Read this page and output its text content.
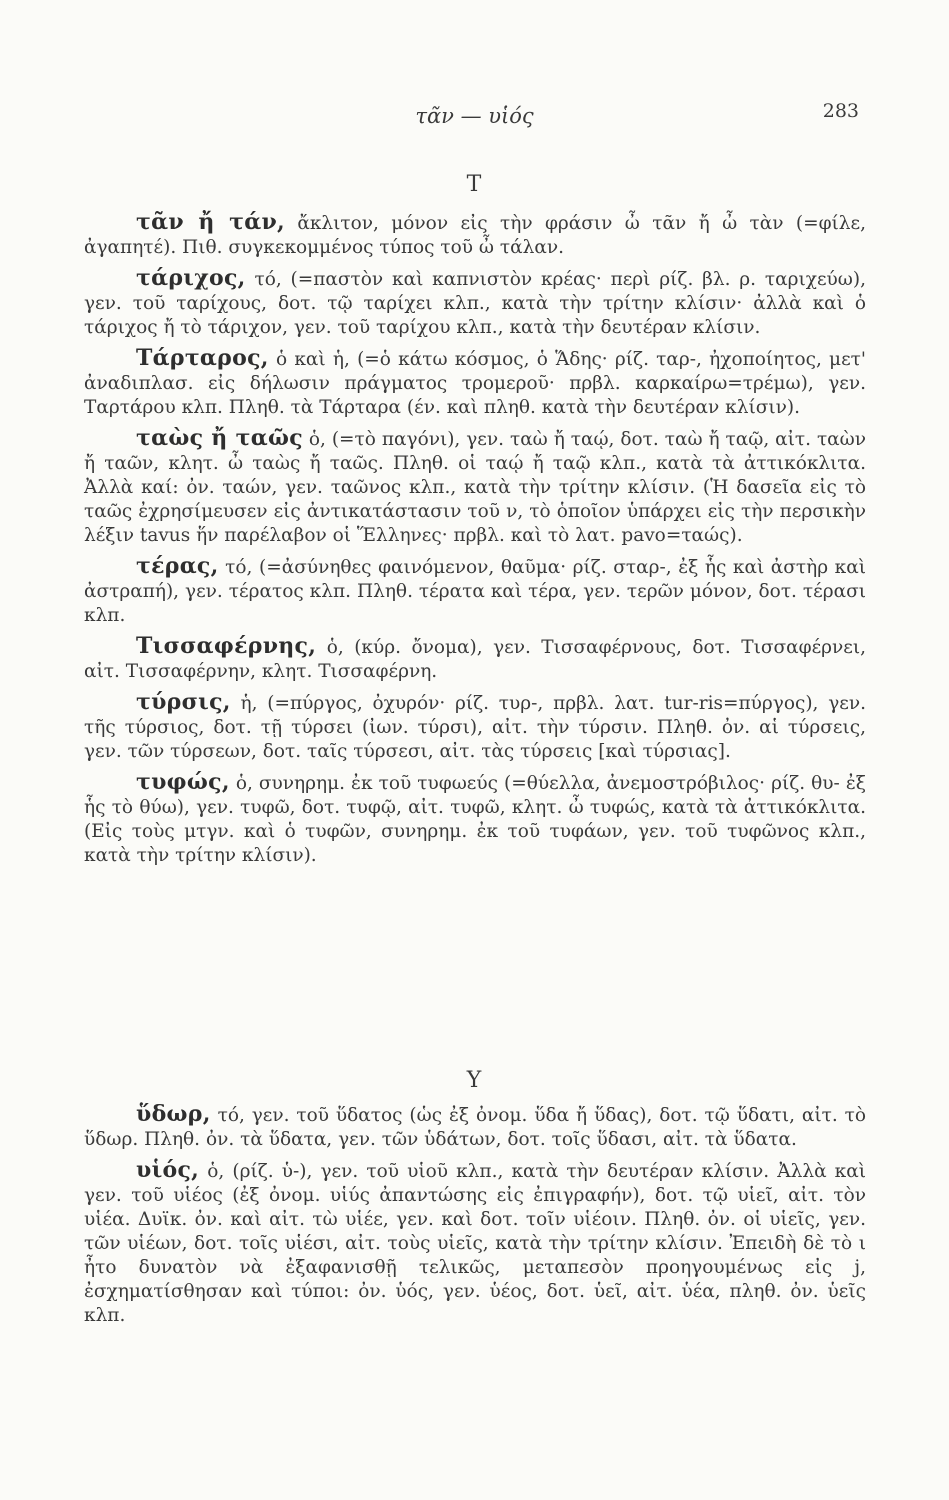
τᾶν — υἱός	283
Τ

τᾶν ἤ τάν, ἄκλιτον, μόνον εἰς τὴν φράσιν ὦ τᾶν ἤ ὦ τὰν (=φίλε, ἀγαπητέ). Πιθ. συγκεκομμένος τύπος τοῦ ὦ τάλαν.

τάριχος, τό, (=παστὸν καὶ καπνιστὸν κρέας· περὶ ρίζ. βλ. ρ. ταριχεύω), γεν. τοῦ ταρίχους, δοτ. τῷ ταρίχει κλπ., κατὰ τὴν τρίτην κλίσιν· ἀλλὰ καὶ ὁ τάριχος ἤ τὸ τάριχον, γεν. τοῦ ταρίχου κλπ., κατὰ τὴν δευτέραν κλίσιν.

Τάρταρος, ὁ καὶ ἡ, (=ὁ κάτω κόσμος, ὁ Ἅδης· ρίζ. ταρ-, ἠχοποίητος, μετ' ἀναδιπλασ. εἰς δήλωσιν πράγματος τρομεροῦ· πρβλ. καρκαίρω=τρέμω), γεν. Ταρτάρου κλπ. Πληθ. τὰ Τάρταρα (έν. καὶ πληθ. κατὰ τὴν δευτέραν κλίσιν).

ταὼς ἤ ταῶς ὁ, (=τὸ παγόνι), γεν. ταὼ ἤ ταῴ, δοτ. ταὼ ἤ ταῷ, αἰτ. ταὼν ἤ ταῶν, κλητ. ὦ ταὼς ἤ ταῶς. Πληθ. οἱ ταῴ ἤ ταῷ κλπ., κατὰ τὰ ἀττικόκλιτα. Ἀλλὰ καί: ὀν. ταών, γεν. ταῶνος κλπ., κατὰ τὴν τρίτην κλίσιν. (Ἡ δασεῖα εἰς τὸ ταῶς ἐχρησίμευσεν εἰς ἀντικατάστασιν τοῦ ν, τὸ ὁποῖον ὑπάρχει εἰς τὴν περσικὴν λέξιν tavus ἥν παρέλαβον οἱ Ἕλληνες· πρβλ. καὶ τὸ λατ. pavo=ταώς).

τέρας, τό, (=ἀσύνηθες φαινόμενον, θαῦμα· ρίζ. σταρ-, ἐξ ἧς καὶ ἀστὴρ καὶ ἀστραπή), γεν. τέρατος κλπ. Πληθ. τέρατα καὶ τέρα, γεν. τερῶν μόνον, δοτ. τέρασι κλπ.

Τισσαφέρνης, ὁ, (κύρ. ὄνομα), γεν. Τισσαφέρνους, δοτ. Τισσαφέρνει, αἰτ. Τισσαφέρνην, κλητ. Τισσαφέρνη.

τύρσις, ἡ, (=πύργος, ὀχυρόν· ρίζ. τυρ-, πρβλ. λατ. tur-ris=πύργος), γεν. τῆς τύρσιος, δοτ. τῇ τύρσει (ἰων. τύρσι), αἰτ. τὴν τύρσιν. Πληθ. ὀν. αἱ τύρσεις, γεν. τῶν τύρσεων, δοτ. ταῖς τύρσεσι, αἰτ. τὰς τύρσεις [καὶ τύρσιας].

τυφώς, ὁ, συνηρημ. ἐκ τοῦ τυφωεύς (=θύελλα, ἀνεμοστρόβιλος· ρίζ. θυ- ἐξ ἧς τὸ θύω), γεν. τυφῶ, δοτ. τυφῷ, αἰτ. τυφῶ, κλητ. ὦ τυφώς, κατὰ τὰ ἀττικόκλιτα. (Εἰς τοὺς μτγν. καὶ ὁ τυφῶν, συνηρημ. ἐκ τοῦ τυφάων, γεν. τοῦ τυφῶνος κλπ., κατὰ τὴν τρίτην κλίσιν).

Υ

ὕδωρ, τό, γεν. τοῦ ὕδατος (ὡς ἐξ ὀνομ. ὕδα ἤ ὕδας), δοτ. τῷ ὕδατι, αἰτ. τὸ ὕδωρ. Πληθ. ὀν. τὰ ὕδατα, γεν. τῶν ὑδάτων, δοτ. τοῖς ὕδασι, αἰτ. τὰ ὕδατα.

υἱός, ὁ, (ρίζ. ὑ-), γεν. τοῦ υἱοῦ κλπ., κατὰ τὴν δευτέραν κλίσιν. Ἀλλὰ καὶ γεν. τοῦ υἱέος (ἐξ ὀνομ. υἱύς ἀπαντώσης εἰς ἐπιγραφήν), δοτ. τῷ υἱεῖ, αἰτ. τὸν υἱέα. Δυϊκ. ὀν. καὶ αἰτ. τὼ υἱέε, γεν. καὶ δοτ. τοῖν υἱέοιν. Πληθ. ὀν. οἱ υἱεῖς, γεν. τῶν υἱέων, δοτ. τοῖς υἱέσι, αἰτ. τοὺς υἱεῖς, κατὰ τὴν τρίτην κλίσιν. Ἐπειδὴ δὲ τὸ ι ἦτο δυνατὸν νὰ ἐξαφανισθῇ τελικῶς, μεταπεσὸν προηγουμένως εἰς j, ἐσχηματίσθησαν καὶ τύποι: ὀν. ὑός, γεν. ὑέος, δοτ. ὑεῖ, αἰτ. ὑέα, πληθ. ὀν. ὑεῖς κλπ.
